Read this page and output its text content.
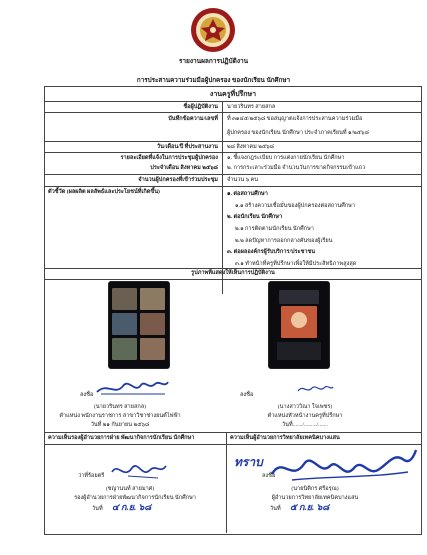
รายงานผลการปฏิบัติงาน
การประสานความร่วมมือผู้ปกครอง ของนักเรียน นักศึกษา
งานครูที่ปรึกษา
ชื่อผู้ปฏิบัติงาน นายวรินทร สายสกล
บันทึกข้อความ/เลขที่ ที่ ๓๑๔๕/๒๕๖๘ ขอสนุญาตแจ้งการประสานความร่วมมือ
ผู้ปกครอง ของนักเรียน นักศึกษา ประจำภาคเรียนที่ ๑/๒๕๖๘
วัน/เดือน/ปี ที่ประสานงาน ๒๘ สิงหาคม ๒๕๖๘
รายละเอียดที่แจ้งในการประชุมผู้ปกครอง ๑. ชี้แจงกฎระเบียบ การแต่งกายนักเรียน นักศึกษา
ประจำเดือน สิงหาคม ๒๕๖๘ ๒. การกระเลาะร่วมมือ จำนวนวันการขาดกิจกรรมเข้าแถว
จำนวนผู้ปกครองที่เข้าร่วมประชุม จำนวน ๖ คน
ตัวชี้วัด (ผลผลิต ผลลัพธ์และประโยชน์ที่เกิดขึ้น)	๑. ต่อสถานศึกษา
๑.๑ สร้างความเชื่อมั่นของผู้ปกครองต่อสถานศึกษา
๒. ต่อนักเรียน นักศึกษา
๒.๑ การติดตามนักเรียน นักศึกษา
๒.๒ ลดปัญหาการออกกลางคันของผู้เรียน
๓. ต่อผลองค์กรผู้รับบริการ/ประชาชน
๓.๑ ทำหน้าที่ครูที่ปรึกษาเพื่อให้มีประสิทธิภาพสูงสุด
รูปภาพที่แสดงให้เห็นการปฏิบัติงาน
ลงชื่อ
(นายวรินทร สายสกล)
ตำแหน่ง พนักงานราชการ สาขาวิชาช่างยนต์ไฟฟ้า
วันที่ ๒๑ กันยายน ๒๕๖๘
ลงชื่อ
(นางสาววิณา ใจเพชร)
ตำแหน่งหัวหน้างานครูที่ปรึกษา
วันที่......./........./.......
ความเห็นรองผู้อำนวยการฝ่าย พัฒนากิจการนักเรียน นักศึกษา	ความเห็นผู้อำนวยการวิทยาลัยเทคนิคบางแสน
ว่าที่ร้อยตรี
(ชญานนท์ สายมาศ)
รองผู้อำนวยการฝ่ายพัฒนากิจการนักเรียน นักศึกษา
วันที่ ๔ ก.ย. ๖๘
ทราบ
ลงชื่อ
(นายนิติกร ศรีอรุณ)
ผู้อำนวยการวิทยาลัยเทคนิคบางแสน
วันที่ ๕ ก.ย. ๖๘
